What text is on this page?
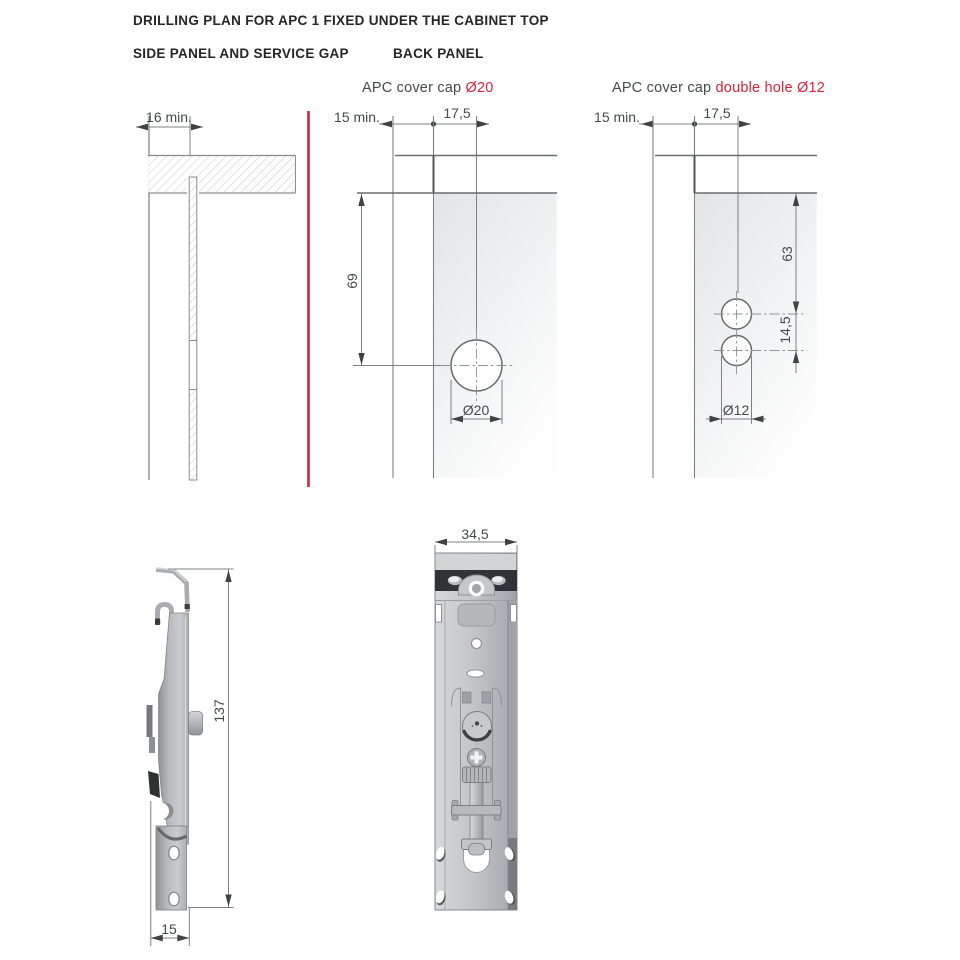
DRILLING PLAN FOR APC 1 FIXED UNDER THE CABINET TOP
SIDE PANEL AND SERVICE GAP	BACK PANEL
APC cover cap Ø20	APC cover cap double hole Ø12
16 min.	15 min.	17,5
69
Ø20
15 min.	17,5
63
14,5
Ø12
137
15
34,5
